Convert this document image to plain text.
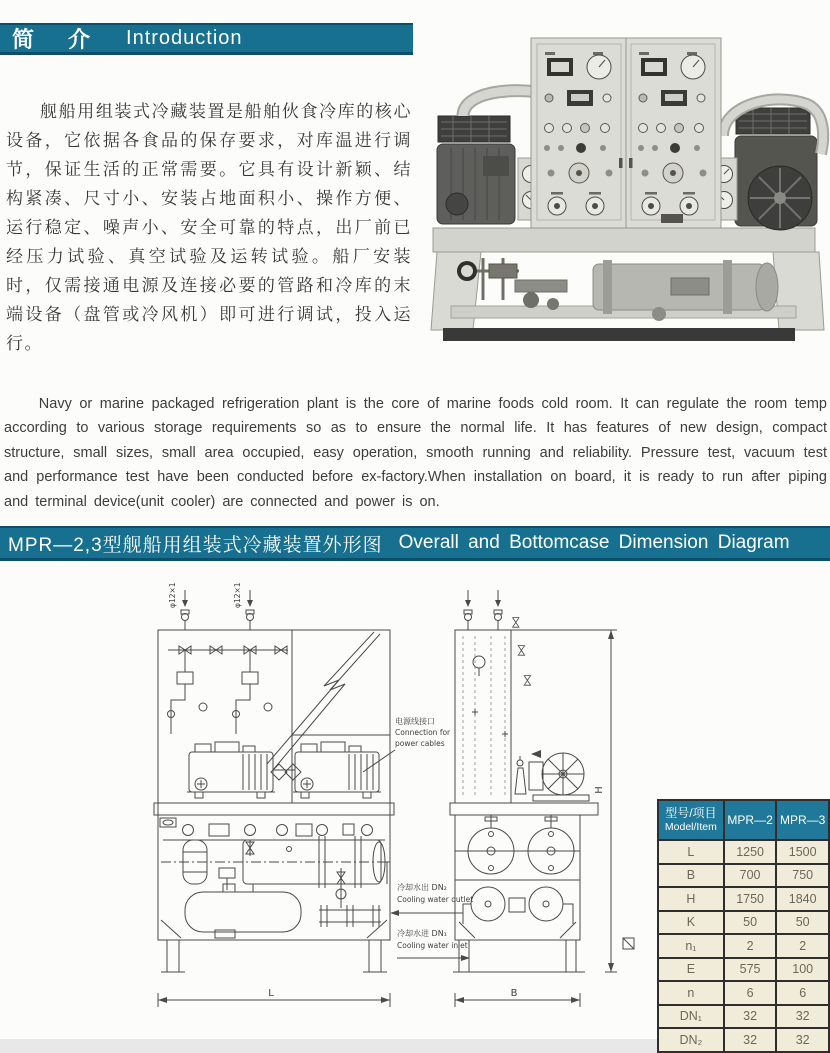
简　介 Introduction

舰船用组装式冷藏装置是船舶伙食冷库的核心设备，它依据各食品的保存要求，对库温进行调节，保证生活的正常需要。它具有设计新颖、结构紧凑、尺寸小、安装占地面积小、操作方便、运行稳定、噪声小、安全可靠的特点，出厂前已经压力试验、真空试验及运转试验。船厂安装时，仅需接通电源及连接必要的管路和冷库的末端设备（盘管或冷风机）即可进行调试，投入运行。

Navy or marine packaged refrigeration plant is the core of marine foods cold room. It can regulate the room temp according to various storage requirements so as to ensure the normal life. It has features of new design, compact structure, small sizes, small area occupied, easy operation, smooth running and reliability. Pressure test, vacuum test and performance test have been conducted before ex-factory.When installation on board, it is ready to run after piping and terminal device(unit cooler) are connected and power is on.

MPR—2,3型舰船用组装式冷藏装置外形图 Overall and Bottomcase Dimension Diagram
φ12×1	φ12×1
L	B
H
电源线接口
Connection for
power cables
冷却水出 DN₂
Cooling water outlet
冷却水进 DN₁
Cooling water inlet
型号/项目
Model/Item	MPR—2	MPR—3
L	1250	1500
B	700	750
H	1750	1840
K	50	50
n₁	2	2
E	575	100
n	6	6
DN₁	32	32
DN₂	32	32
